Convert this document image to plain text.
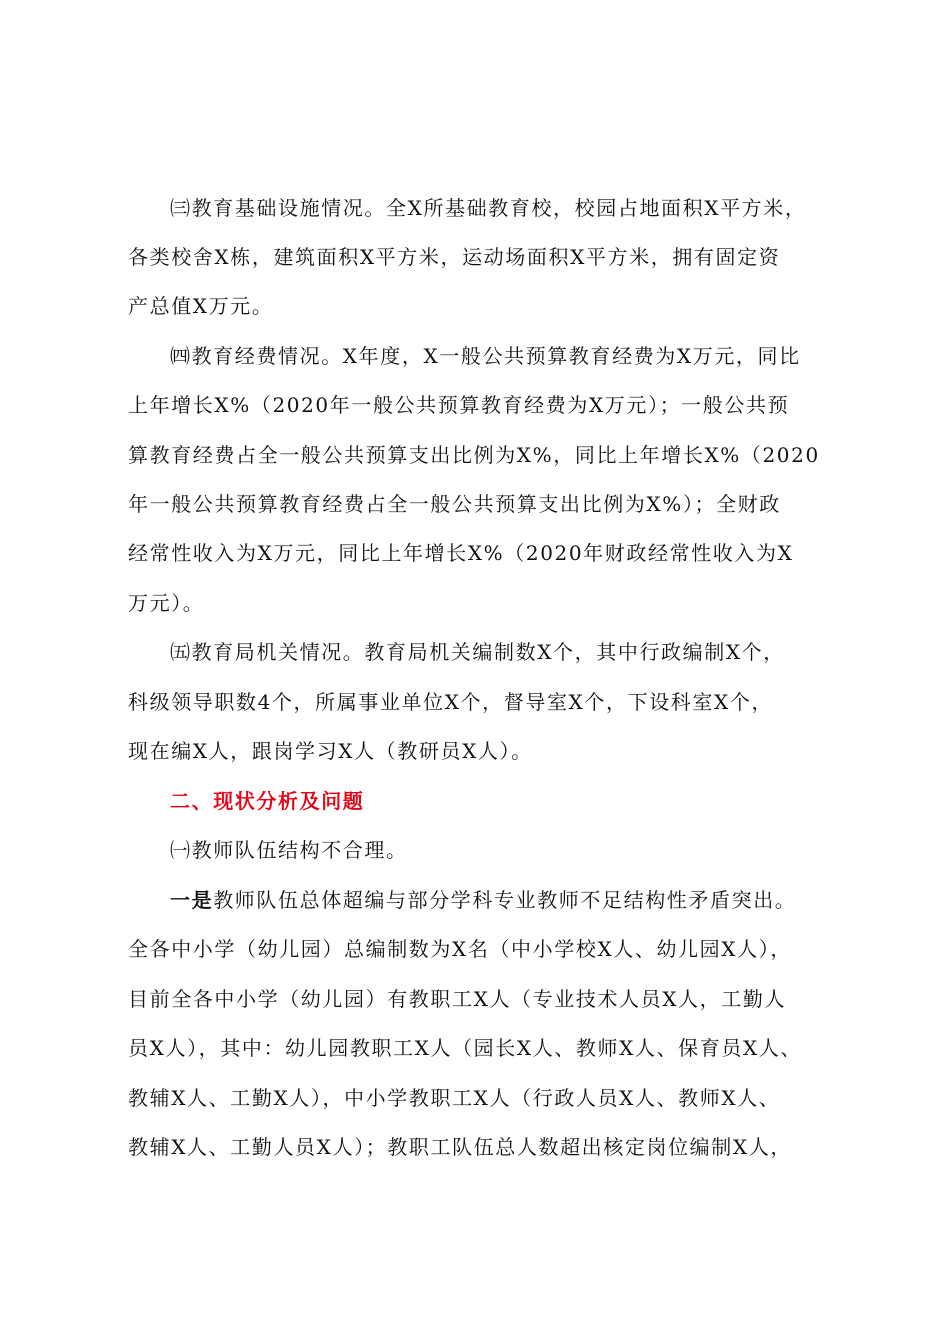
㈢教育基础设施情况。全X所基础教育校，校园占地面积X平方米，
各类校舍X栋，建筑面积X平方米，运动场面积X平方米，拥有固定资
产总值X万元。
㈣教育经费情况。X年度，X一般公共预算教育经费为X万元，同比
上年增长X%（2020年一般公共预算教育经费为X万元）；一般公共预
算教育经费占全一般公共预算支出比例为X%，同比上年增长X%（2020
年一般公共预算教育经费占全一般公共预算支出比例为X%）；全财政
经常性收入为X万元，同比上年增长X%（2020年财政经常性收入为X
万元）。
㈤教育局机关情况。教育局机关编制数X个，其中行政编制X个，
科级领导职数4个，所属事业单位X个，督导室X个，下设科室X个，
现在编X人，跟岗学习X人（教研员X人）。
二、现状分析及问题
㈠教师队伍结构不合理。
一是教师队伍总体超编与部分学科专业教师不足结构性矛盾突出。
全各中小学（幼儿园）总编制数为X名（中小学校X人、幼儿园X人），
目前全各中小学（幼儿园）有教职工X人（专业技术人员X人，工勤人
员X人），其中：幼儿园教职工X人（园长X人、教师X人、保育员X人、
教辅X人、工勤X人），中小学教职工X人（行政人员X人、教师X人、
教辅X人、工勤人员X人）；教职工队伍总人数超出核定岗位编制X人，
